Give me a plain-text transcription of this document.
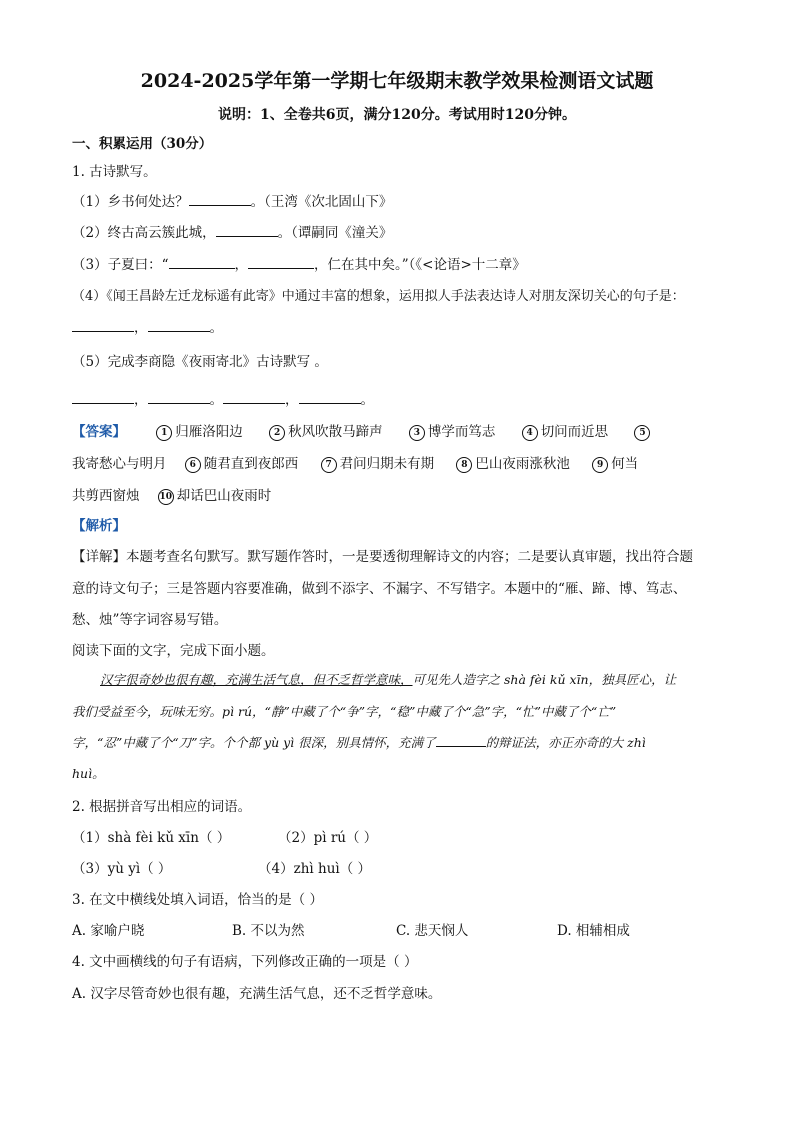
2024-2025学年第一学期七年级期末教学效果检测语文试题
说明：1、全卷共6页，满分120分。考试用时120分钟。
一、积累运用（30分）
1. 古诗默写。
（1）乡书何处达？	。（王湾《次北固山下》
（2）终古高云簇此城，	。（谭嗣同《潼关》
（3）子夏曰：“	，	，仁在其中矣。”（《<论语>十二章》
（4）《闻王昌龄左迁龙标遥有此寄》中通过丰富的想象，运用拟人手法表达诗人对朋友深切关心的句子是：
，	。
（5）完成李商隐《夜雨寄北》古诗默写 。
，	。	，	。
【答案】	1 归雁洛阳边	2 秋风吹散马蹄声	3 博学而笃志	4 切问而近思	5
我寄愁心与明月	6 随君直到夜郎西	7 君问归期未有期	8 巴山夜雨涨秋池	9 何当
共剪西窗烛 10 却话巴山夜雨时
【解析】
【详解】本题考查名句默写。默写题作答时，一是要透彻理解诗文的内容；二是要认真审题，找出符合题
意的诗文句子；三是答题内容要准确，做到不添字、不漏字、不写错字。本题中的“雁、蹄、博、笃志、
愁、烛”等字词容易写错。
阅读下面的文字，完成下面小题。
汉字很奇妙也很有趣，充满生活气息，但不乏哲学意味，可见先人造字之 shà fèi kǔ xīn，独具匠心，让
我们受益至今，玩味无穷。pì rú，“静”中藏了个“争”字，“稳”中藏了个“急”字，“忙”中藏了个“亡”
字，“忍”中藏了个“刀”字。个个都 yù yì 很深，别具情怀，充满了	的辩证法，亦正亦奇的大 zhì
huì。
2. 根据拼音写出相应的词语。
（1）shà fèi kǔ xīn（ ）	（2）pì rú（ ）
（3）yù yì（ ）	（4）zhì huì（ ）
3. 在文中横线处填入词语，恰当的是（ ）
A. 家喻户晓	B. 不以为然	C. 悲天悯人	D. 相辅相成
4. 文中画横线的句子有语病，下列修改正确的一项是（ ）
A. 汉字尽管奇妙也很有趣，充满生活气息，还不乏哲学意味。
